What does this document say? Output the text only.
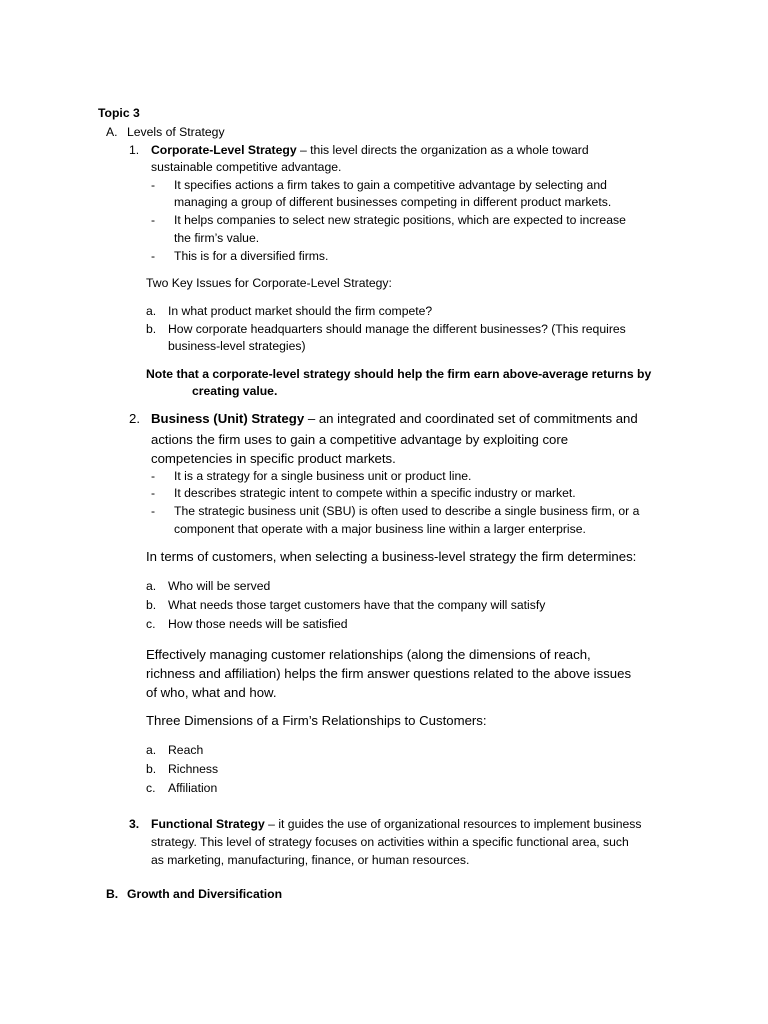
Topic 3
A. Levels of Strategy
1. Corporate-Level Strategy – this level directs the organization as a whole toward
sustainable competitive advantage.
- It specifies actions a firm takes to gain a competitive advantage by selecting and
managing a group of different businesses competing in different product markets.
- It helps companies to select new strategic positions, which are expected to increase
the firm’s value.
- This is for a diversified firms.
Two Key Issues for Corporate-Level Strategy:
a. In what product market should the firm compete?
b. How corporate headquarters should manage the different businesses? (This requires
business-level strategies)
Note that a corporate-level strategy should help the firm earn above-average returns by
creating value.
2. Business (Unit) Strategy – an integrated and coordinated set of commitments and
actions the firm uses to gain a competitive advantage by exploiting core
competencies in specific product markets.
- It is a strategy for a single business unit or product line.
- It describes strategic intent to compete within a specific industry or market.
- The strategic business unit (SBU) is often used to describe a single business firm, or a
component that operate with a major business line within a larger enterprise.
In terms of customers, when selecting a business-level strategy the firm determines:
a. Who will be served
b. What needs those target customers have that the company will satisfy
c. How those needs will be satisfied
Effectively managing customer relationships (along the dimensions of reach,
richness and affiliation) helps the firm answer questions related to the above issues
of who, what and how.
Three Dimensions of a Firm’s Relationships to Customers:
a. Reach
b. Richness
c. Affiliation
3. Functional Strategy – it guides the use of organizational resources to implement business
strategy. This level of strategy focuses on activities within a specific functional area, such
as marketing, manufacturing, finance, or human resources.
B. Growth and Diversification
